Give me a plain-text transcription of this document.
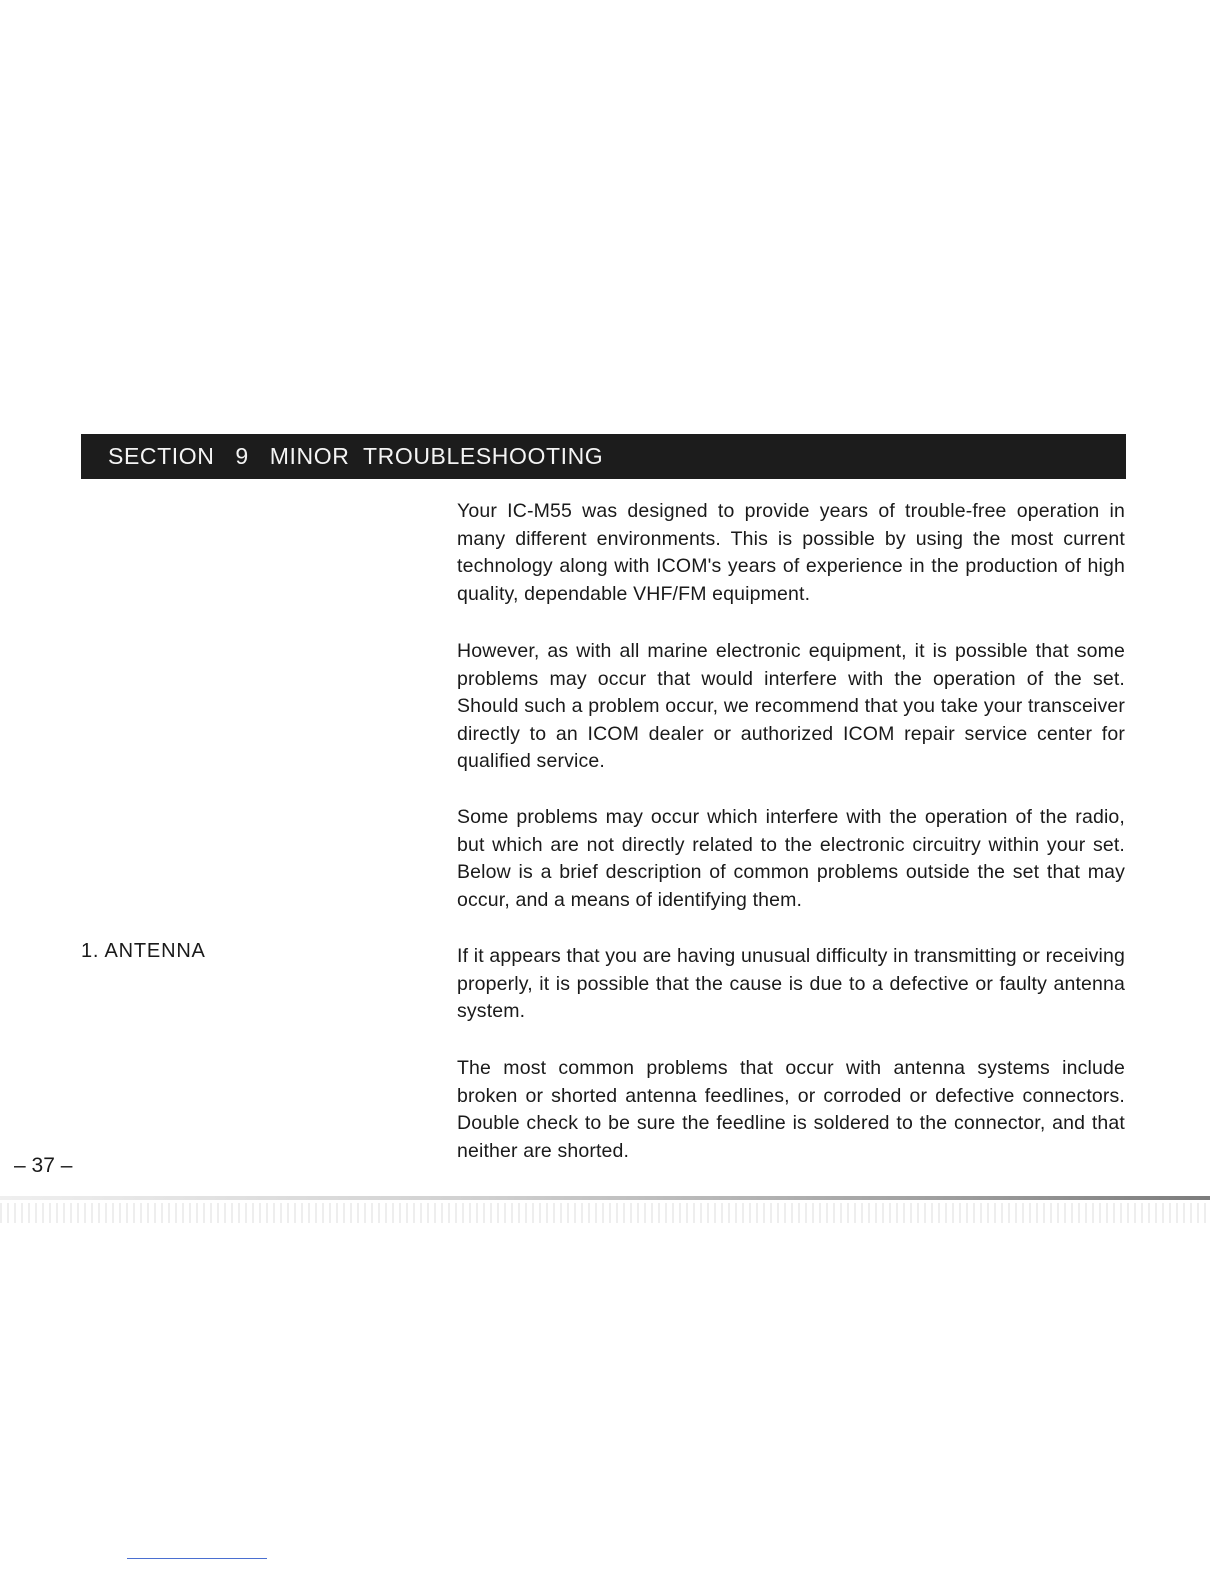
SECTION   9   MINOR  TROUBLESHOOTING

Your IC-M55 was designed to provide years of trouble-free operation in many different environments. This is possible by using the most current technology along with ICOM's years of experience in the production of high quality, dependable VHF/FM equipment.

However, as with all marine electronic equipment, it is possible that some problems may occur that would interfere with the operation of the set. Should such a problem occur, we recommend that you take your transceiver directly to an ICOM dealer or authorized ICOM repair service center for qualified service.

Some problems may occur which interfere with the operation of the radio, but which are not directly related to the electronic circuitry within your set. Below is a brief description of common problems outside the set that may occur, and a means of identifying them.

1. ANTENNA	If it appears that you are having unusual difficulty in transmitting or receiving properly, it is possible that the cause is due to a defective or faulty antenna system.

The most common problems that occur with antenna systems include broken or shorted antenna feedlines, or corroded or defective connectors. Double check to be sure the feedline is soldered to the connector, and that neither are shorted.

– 37 –
